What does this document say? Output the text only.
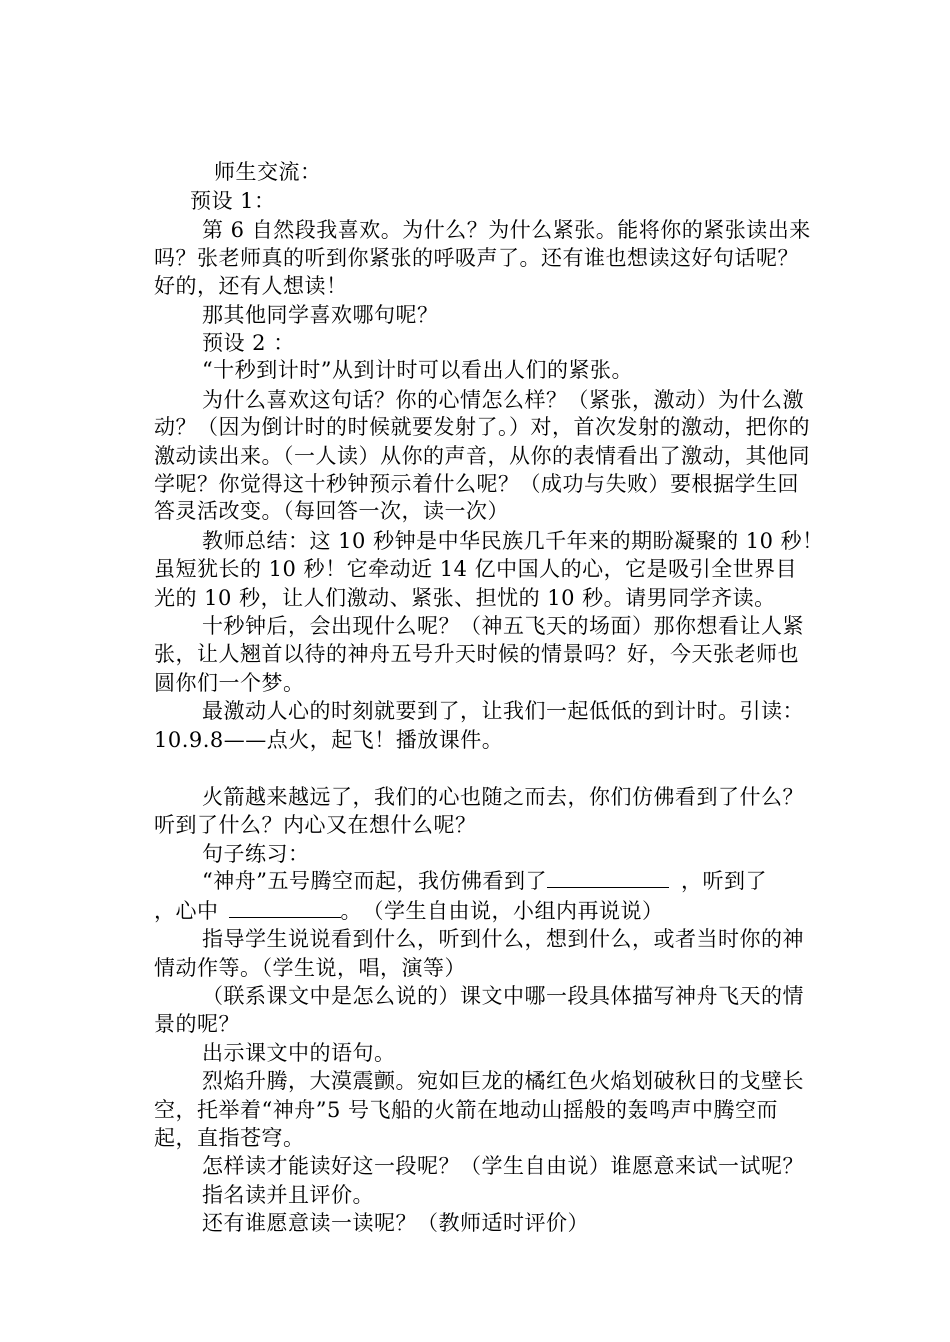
师生交流：
预设 1：
第 6 自然段我喜欢。为什么？为什么紧张。能将你的紧张读出来
吗？张老师真的听到你紧张的呼吸声了。还有谁也想读这好句话呢？
好的，还有人想读！
那其他同学喜欢哪句呢？
预设 2 ：
“十秒到计时”从到计时可以看出人们的紧张。
为什么喜欢这句话？你的心情怎么样？（紧张，激动）为什么激
动？（因为倒计时的时候就要发射了。）对，首次发射的激动，把你的
激动读出来。（一人读）从你的声音，从你的表情看出了激动，其他同
学呢？你觉得这十秒钟预示着什么呢？（成功与失败）要根据学生回
答灵活改变。（每回答一次，读一次）
教师总结：这 10 秒钟是中华民族几千年来的期盼凝聚的 10 秒！
虽短犹长的 10 秒！它牵动近 14 亿中国人的心，它是吸引全世界目
光的 10 秒，让人们激动、紧张、担忧的 10 秒。请男同学齐读。
十秒钟后，会出现什么呢？（神五飞天的场面）那你想看让人紧
张，让人翘首以待的神舟五号升天时候的情景吗？好，今天张老师也
圆你们一个梦。
最激动人心的时刻就要到了，让我们一起低低的到计时。引读：
10.9.8——点火，起飞！播放课件。
火箭越来越远了，我们的心也随之而去，你们仿佛看到了什么？
听到了什么？内心又在想什么呢？
句子练习：
“神舟”五号腾空而起，我仿佛看到了	，听到了
，心中	。　（学生自由说，小组内再说说）
指导学生说说看到什么，听到什么，想到什么，或者当时你的神
情动作等。（学生说，唱，演等）
（联系课文中是怎么说的）课文中哪一段具体描写神舟飞天的情
景的呢？
出示课文中的语句。
烈焰升腾，大漠震颤。宛如巨龙的橘红色火焰划破秋日的戈壁长
空，托举着“神舟”5 号飞船的火箭在地动山摇般的轰鸣声中腾空而
起，直指苍穹。
怎样读才能读好这一段呢？（学生自由说）谁愿意来试一试呢？
指名读并且评价。
还有谁愿意读一读呢？（教师适时评价）
